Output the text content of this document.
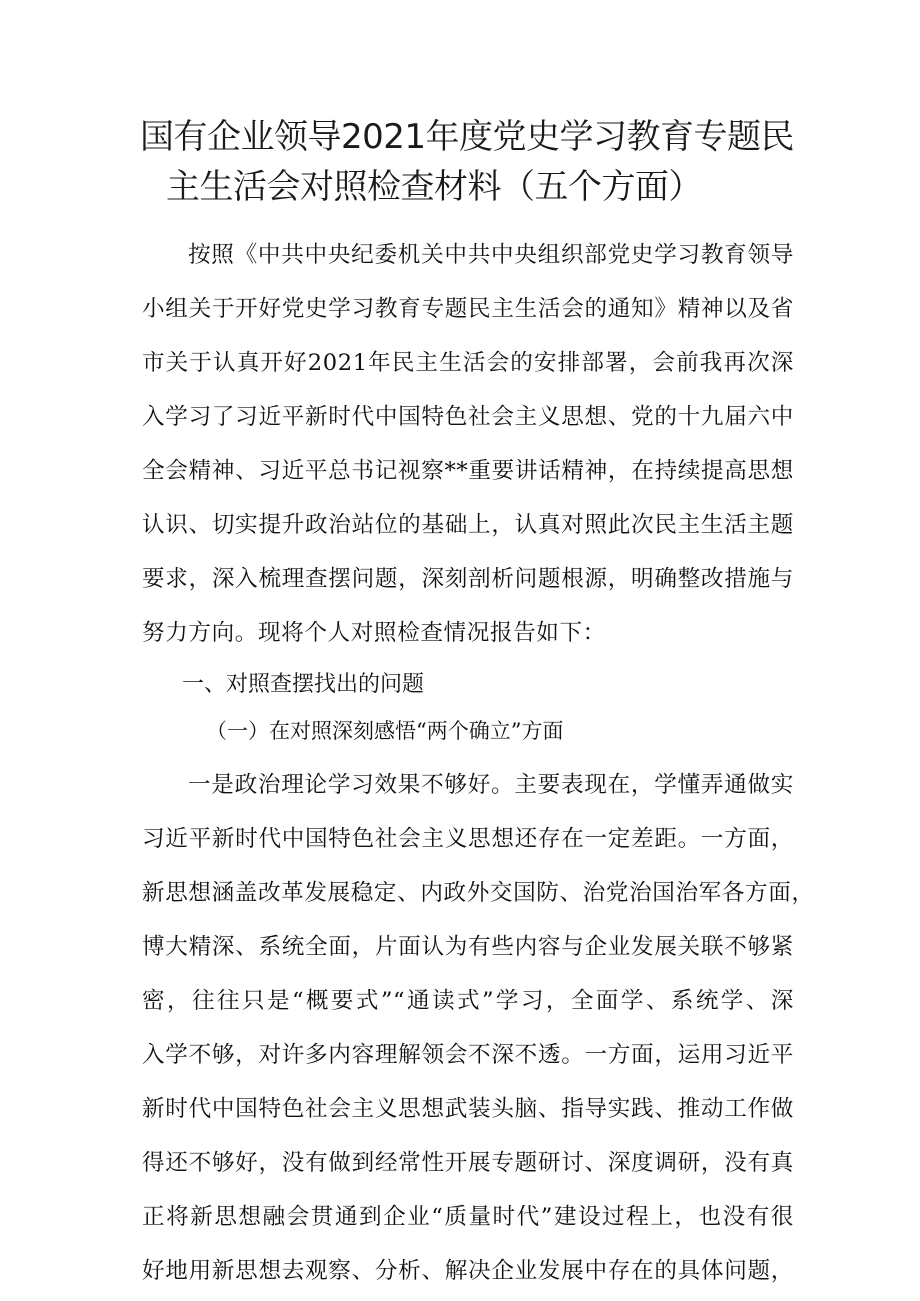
国有企业领导2021年度党史学习教育专题民
主生活会对照检查材料（五个方面）
按照《中共中央纪委机关中共中央组织部党史学习教育领导
小组关于开好党史学习教育专题民主生活会的通知》精神以及省
市关于认真开好2021年民主生活会的安排部署，会前我再次深
入学习了习近平新时代中国特色社会主义思想、党的十九届六中
全会精神、习近平总书记视察**重要讲话精神，在持续提高思想
认识、切实提升政治站位的基础上，认真对照此次民主生活主题
要求，深入梳理查摆问题，深刻剖析问题根源，明确整改措施与
努力方向。现将个人对照检查情况报告如下：
一、对照查摆找出的问题
（一）在对照深刻感悟“两个确立”方面
一是政治理论学习效果不够好。主要表现在，学懂弄通做实
习近平新时代中国特色社会主义思想还存在一定差距。一方面，
新思想涵盖改革发展稳定、内政外交国防、治党治国治军各方面，
博大精深、系统全面，片面认为有些内容与企业发展关联不够紧
密，往往只是“概要式”“通读式”学习，全面学、系统学、深
入学不够，对许多内容理解领会不深不透。一方面，运用习近平
新时代中国特色社会主义思想武装头脑、指导实践、推动工作做
得还不够好，没有做到经常性开展专题研讨、深度调研，没有真
正将新思想融会贯通到企业“质量时代”建设过程上，也没有很
好地用新思想去观察、分析、解决企业发展中存在的具体问题，
